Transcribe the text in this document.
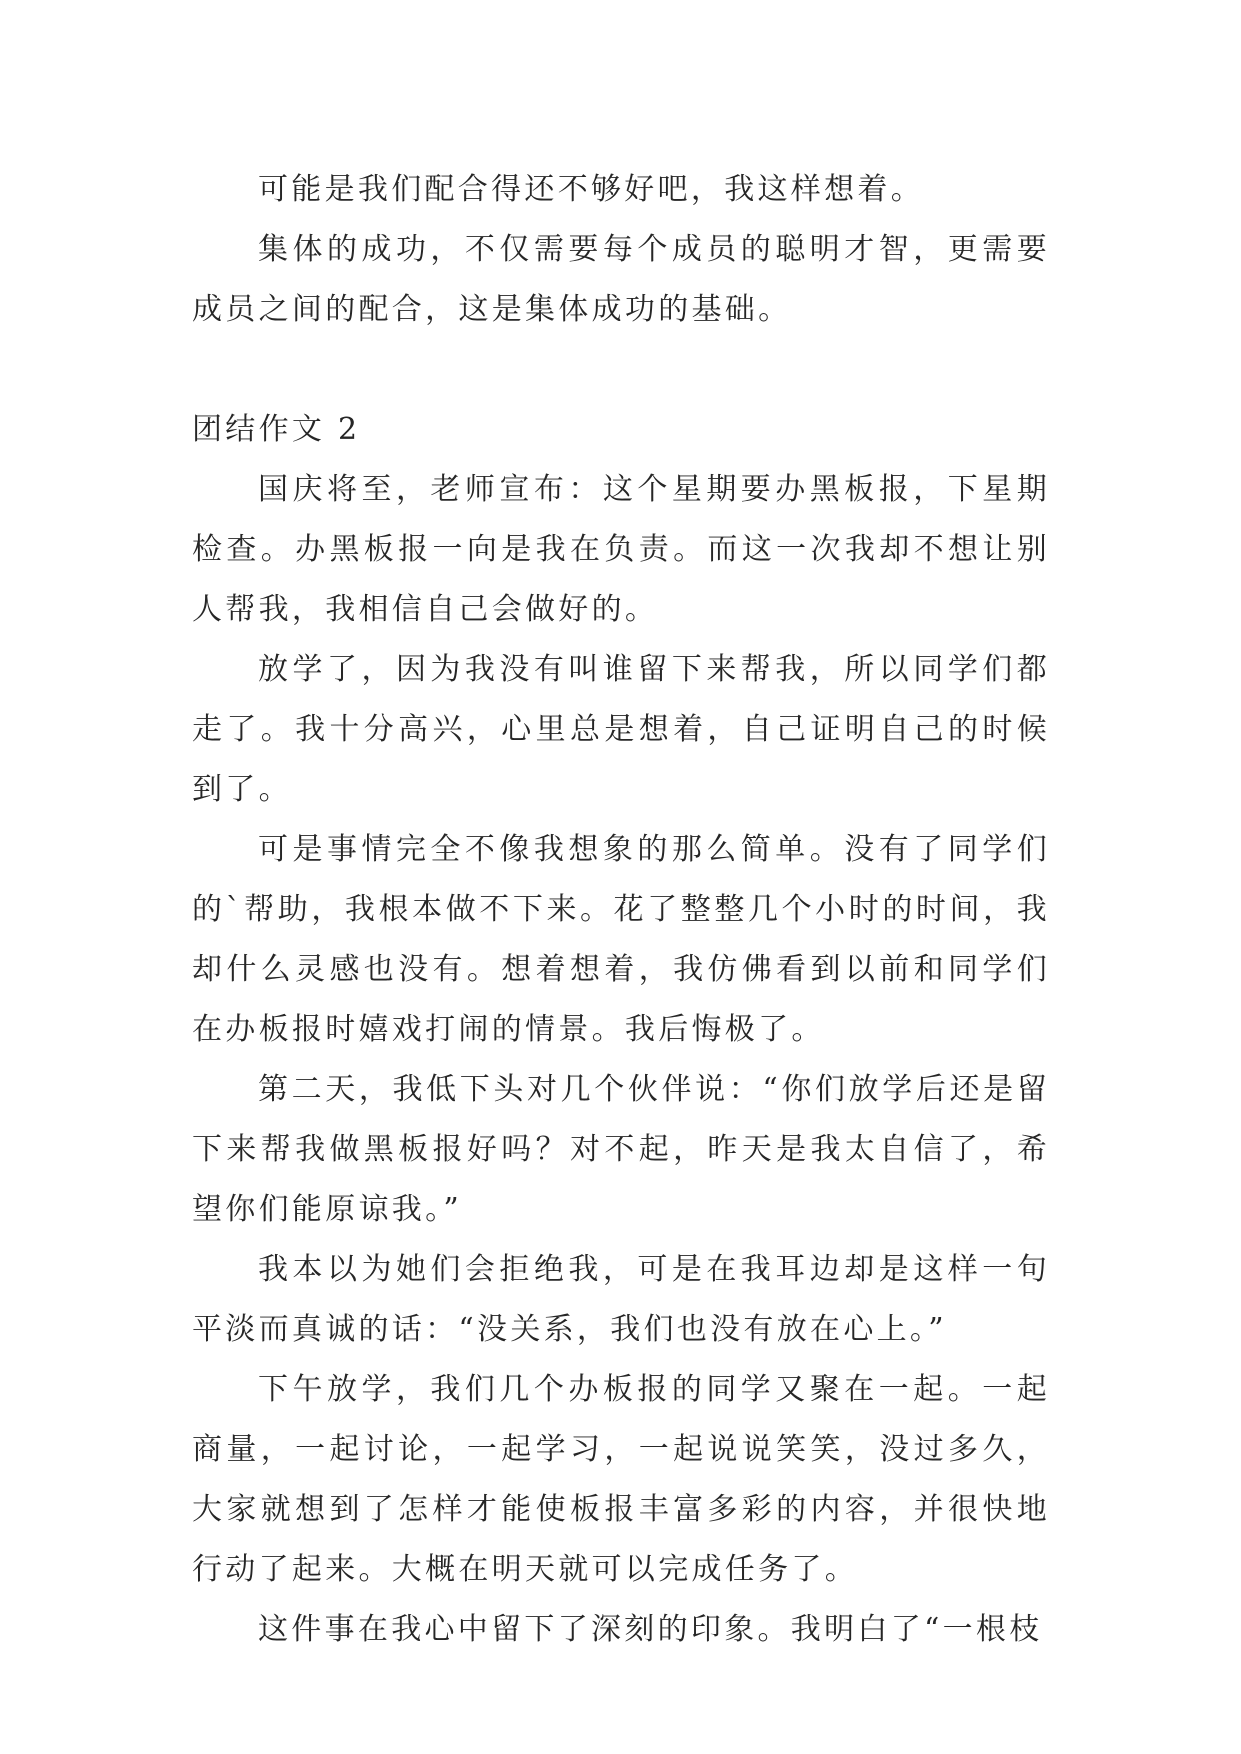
可能是我们配合得还不够好吧，我这样想着。

集体的成功，不仅需要每个成员的聪明才智，更需要成员之间的配合，这是集体成功的基础。

团结作文 2

国庆将至，老师宣布：这个星期要办黑板报，下星期检查。办黑板报一向是我在负责。而这一次我却不想让别人帮我，我相信自己会做好的。

放学了，因为我没有叫谁留下来帮我，所以同学们都走了。我十分高兴，心里总是想着，自己证明自己的时候到了。

可是事情完全不像我想象的那么简单。没有了同学们的`帮助，我根本做不下来。花了整整几个小时的时间，我却什么灵感也没有。想着想着，我仿佛看到以前和同学们在办板报时嬉戏打闹的情景。我后悔极了。

第二天，我低下头对几个伙伴说：“你们放学后还是留下来帮我做黑板报好吗？对不起，昨天是我太自信了，希望你们能原谅我。”

我本以为她们会拒绝我，可是在我耳边却是这样一句平淡而真诚的话：“没关系，我们也没有放在心上。”

下午放学，我们几个办板报的同学又聚在一起。一起商量，一起讨论，一起学习，一起说说笑笑，没过多久，大家就想到了怎样才能使板报丰富多彩的内容，并很快地行动了起来。大概在明天就可以完成任务了。

这件事在我心中留下了深刻的印象。我明白了“一根枝
